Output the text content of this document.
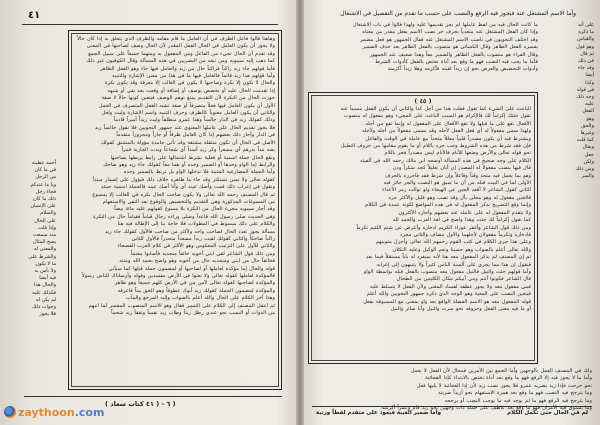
٤١
وهاهنا قالوا فاعل الظرف في أن العامل ما قام مقامه والظرف الذي يتعلق به إذا كان حالاً
ولا يجوز أن يكون العامل في الحال الفعل المقدر لأن الحال وصف لصاحبها في المعنى
وقد تقدم أن الحال تجيء من الفاعل ومن المفعول به ومنهما جميعاً على سبيل الجمع
كما ذهب إليه سيبويه ومن تبعه من البصريين في هذه المسألة وقال الكوفيون غير ذلك
فأما قولهم جاء زيد راكباً فراكباً حال من زيد والعامل فيها جاء وهو الفعل الظاهر
وأما قولهم هذا زيد قائماً فالعامل فيها ما في هذا من معنى الإشارة والتنبيه
والحال لا تكون إلا نكرة وصاحبها لا يكون في الغالب إلا معرفة وقد يكون نكرة
إذا تقدمت الحال عليه أو تخصص بوصف أو إضافة أو وقعت بعد نفي أو شبهه
جوزت الحال من النكرة لأن التقديم يمنع توهم الوصف فيتعين كونها حالاً لا صفة
الأول أن يكون العامل فيها فعلاً متصرفاً أو صفة تشبه الفعل المتصرف في العمل
والثاني أن يكون العامل معنوياً كالظرف وحرف التنبيه واسم الإشارة وليت ولعل
وذلك كقولك زيد في الدار جالساً وهذا عمرو منطلقاً وليت زيداً أميراً قادماً
فلا يجوز تقديم الحال على عاملها المعنوي عند جمهور النحويين فلا تقول جالساً زيد
في الدار وأجاز ذلك بعضهم إذا كان العامل ظرفاً أو جاراً ومجروراً متقدماً
الأصل في الحال أن تكون منتقلة مشتقة وقد تأتي جامدة مؤولة بالمشتق كقولك
بعته مداً بدرهم أي مسعراً وكر زيد أسداً أي شجاعاً وبدت الجارية قمراً
وتقع الحال جملة اسمية أو فعلية بشرط اشتمالها على رابط يربطها بصاحبها
والرابط إما الواو وحدها أو الضمير وحده أو هما معاً كقولك جاء زيد وهو ضاحك
وأما الجملة المضارعية المثبتة فلا تدخلها الواو بل تربط بالضمير وحده
كقوله تعالى ولا تمنن تستكثر وقد جاء ما ظاهره خلاف ذلك فيؤول على إضمار مبتدأ
ونقول في إعراب ذلك قمت وأصك عينه أي وأنا أصك عينه فالجملة اسمية حينئذ
ثم قال المصنف رحمه الله تعالى ولا يكون صاحب الحال نكرة في الغالب إلا بمسوغ
من المسوغات المذكورة وهي التقديم والتخصيص والوقوع بعد النفي والاستفهام
وقد أجاز سيبويه مجيء الحال من النكرة بلا مسوغ كقولهم عليه مائة بيضاً
وفي الحديث صلى رسول الله قاعداً وصلى وراءه رجال قياماً فقياماً حال من النكرة
والكلام على ذلك مبسوط في المطولات فلا حاجة بنا إلى الإطالة فيه هنا
مسألة يجوز تعدد الحال لصاحب واحد ولأكثر من صاحب فالأول كقولك جاء زيد
راكباً ضاحكاً والثاني كقولك لقيت زيداً مصعداً منحدراً فالأول للثاني
والثاني للأول على الترتيب المعكوس وهو الأكثر في كلام العرب الفصحاء
ومن ذلك قول الشاعر لقي ابني أخويه خائفاً منجديه فأصابوا مغنماً
فخائفاً حال من ابني ومنجديه حال من أخويه وهو واضح بحمد الله ومنته
قوله والحال إما مؤكدة لعاملها أو لصاحبها أو لمضمون جملة قبلها كما سيأتي
فالمؤكدة لعاملها كقوله تعالى ولا تعثوا في الأرض مفسدين وقوله وأرسلناك للناس رسولاً
والمؤكدة لصاحبها كقوله تعالى لآمن من في الأرض كلهم جميعاً وهو ظاهر
والمؤكدة لمضمون الجملة كقولك زيد أبوك عطوفاً وهو الحق بيناً فاعرفه
وهذا آخر الكلام على الحال والله أعلم بالصواب وإليه المرجع والمآب
ثم انتقل المصنف إلى الكلام على التمييز فقال وهو الاسم المنصوب المفسر لما انبهم
من الذوات أو النسب نحو عندي رطل زيتاً وطاب زيد نفساً وتفقأ زيد شحماً
أحمد عطيته
في ما كان
من الرجل
ويا ما عندكم
فجاء رجل
ذلك ما كان
على الإنسان
والسلام
على الحال
وإذا قلت
منه سمعت
يصح المثال
والمعنى له
والشرط على
ما لا يكون
ولا بأس به
فيه أيضا
والحال هذا
فكذلك عليه
لم يكن له
وجواب ذلك
فلا يجوز
( ٦ - ( ٤١ كتاب سعاد )
وأما الاسم المشتغل عنه فيجوز فيه الرفع والنصب على حسب ما تقدم من التفصيل في الاشتغال
ما كانت الحال فيه من لفظ عاملها لم يجز تقديمها عليه ولهذا قالوا في باب الاشتغال
وإذا كان الفعل المشتغل عنه متعدياً بحرف جر نصب الاسم بفعل مقدر من معناه
وقد اختلف النحويون في ناصب الاسم المشتغل عنه فقال الجمهور هو فعل مضمر
يفسره الفعل الظاهر وقال الكسائي هو منصوب بالفعل الظاهر بعد حذف الضمير
وقال الفراء هو منصوب بالفعل الظاهر والضمير معاً وهذا ضعيف عند الجمهور
فأما ما يجب فيه النصب فهو ما وقع بعد أداة تختص بالفعل كأدوات الشرط
وأدوات التحضيض والعرض نحو إن زيداً لقيته فأكرمه وهلا زيداً أكرمته
على أنه
ما ذكره
والقياس
وهو قول
ثم قال
في ذلك
وقد جاء
أيضا
وكذا
في قوله
وجه ذلك
عليه
الفعل
وهو
والحق
وغيرها
كما قلت
ويقال
جعل
ولكن
ومن ذلك
والسر
( ٤٥ )
الباعث على الشيء كما تقول فعلت هذا من أجل كذا والثاني أن يكون الفعل مسبباً عنه
تقول جئتك إكراماً لك فالإكرام هو السبب الباعث على المجيء وهو مفعول له منصوب
الأفعال تقع على ما قبلها ولا تقع الأفعال على المفعول له وإنما تقع من أجله
ولهذا سمي مفعولاً له أي فعل الفعل لأجله وقد يسمى مفعولاً من أجله ولأجله
ويشترط فيه أن يكون مصدراً قلبياً معللاً متحداً مع عامله في الوقت والفاعل
فإن فقد شرط من هذه الشروط وجب جره باللام أو ما يقوم مقامها من حروف التعليل
نحو قوله تعالى والأرض وضعها للأنام فالأنام ليس مصدراً فجر باللام
الكلام على وجه صحيح في هذه المسألة أوضحه ابن مالك رحمه الله في ألفيته
قال فيها ينصب مفعولاً له المصدر إن أبان تعليلاً كجد شكراً ودن
وهو بما يعمل فيه متحد وقتاً وفاعلاً وإن شرط فقد فاجرره بالحرف
الأولى لما في البيت قبله من أن ما سبق هو النصب والجر جائز فيه
الثاني كقول الشاعر لا أقعد الجبن عن الهيجاء ولو توالت زمر الأعداء
فالجبن مفعول له وهو محلى بأل وقد نصب وهو قليل والأكثر جره
وإنما وقع التصريح بذكر المفعول له في هذه المواضع لكونه عمدة في الكلام
ولا يتقدم المفعول له على عامله عند بعضهم وأجازه الأكثرون
كما تقول إكراماً لك جئت وهذا واضح في لغة العرب والحمد لله
ومن ذلك قول الشاعر وأغفر عوراء الكريم ادخاره وأعرض عن شتم اللئيم تكرماً
فادخاره وتكرماً مفعولان لأجلهما والأول مضاف والثاني مجرد
وعلى هذا جرى الكلام في كتب القوم رحمهم الله تعالى وأجزل مثوبتهم
والله تعالى أعلم بالصواب وهو حسبنا ونعم الوكيل وعليه التكلان
ثم إن المصنف لم يذكر المفعول معه هنا لأنه سيفرد له باباً مستقلاً فيما بعد
فنقول إن هذا مما يجري على ألسنة الناس كثيراً ولا يتنبهون إلى إعرابه
وأما قولهم جئت والنيل فالنيل مفعول معه منصوب بالفعل قبله بواسطة الواو
قال الشاعر فكونوا أنتم وبني أبيكم مكان الكليتين من الطحال
فبني مفعول معه ولا يجوز عطفه لفساد المعنى ولأن الفعل لا يتسلط عليه
فيتعين النصب على المعية وهو الوجه الذي ذكره جمهور النحويين والله أعلم
قوله المفعول معه هو الاسم الفضلة الواقع بعد واو بمعنى مع المسبوقة بفعل
أو ما فيه معنى الفعل وحروفه نحو سرت والنيل وأنا سائر والنيل
ولك في المصنف العمل بالوجهين وأما الجمع بين الأمرين فمحال لأن الفعل لا يعمل
وأما ما لا يجوز فيه إلا الرفع فهو ما وقع بعد أداة تختص بالابتداء كإذا الفجائية
نحو خرجت فإذا زيد يضربه عمرو فلا يجوز نصب زيد لأن إذا الفجائية لا يليها فعل
وما يترجح فيه النصب فهو ما وقع بعد همزة الاستفهام نحو أزيداً ضربته
وما يترجح فيه الرفع فهو ما لم يوجد فيه ما يوجب النصب أو يرجحه
وما يستوي فيه الأمران فهو ما وقع بعد عاطف على جملة ذات وجهين نحو زيد قام وعمراً أكرمته
وأما ضمير الغيبة فيعود على متقدم لفظاً ورتبة	لم في الحال حتى تكمل الكلام
zaythoon.com
